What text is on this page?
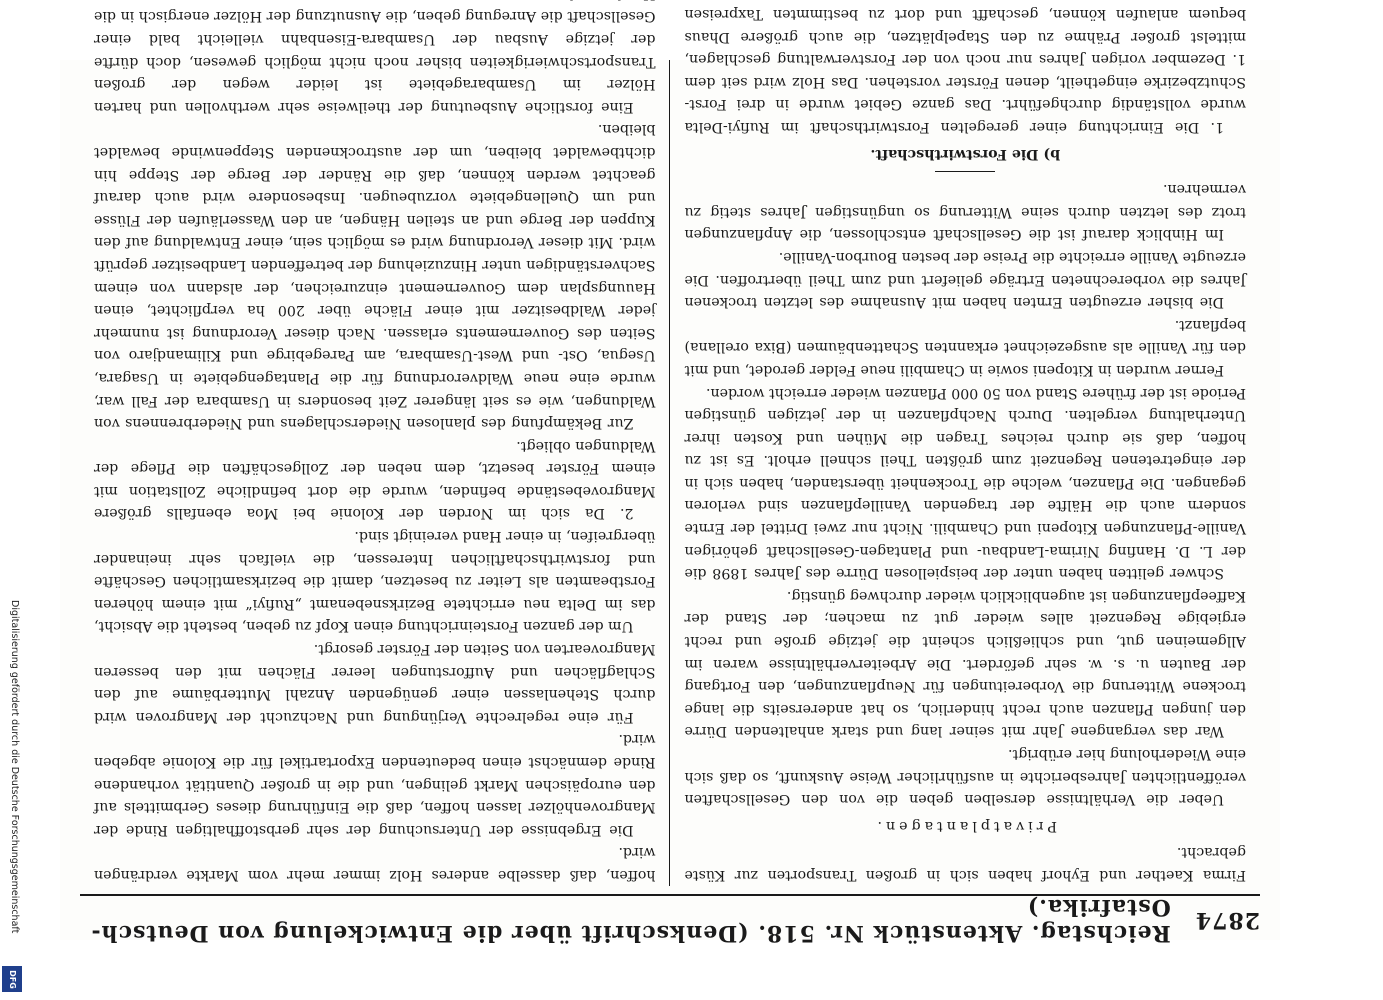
2874
Reichstag. Aktenstück Nr. 518. (Denkschrift über die Entwickelung von Deutsch-Ostafrika.)

Firma Kaether und Eyhorf haben sich in großen Transporten zur Küste gebracht.

Privatplantagen.

Ueber die Verhältnisse derselben geben die von den Gesellschaften veröffentlichten Jahresberichte in ausführlicher Weise Auskunft, so daß sich eine Wiederholung hier erübrigt.

War das vergangene Jahr mit seiner lang und stark anhaltenden Dürre den jungen Pflanzen auch recht hinderlich, so hat andererseits die lange trockene Witterung die Vorbereitungen für Neupflanzungen, den Fortgang der Bauten u. s. w. sehr gefördert. Die Arbeiterverhältnisse waren im Allgemeinen gut, und schließlich scheint die jetzige große und recht ergiebige Regenzeit alles wieder gut zu machen; der Stand der Kaffeepflanzungen ist augenblicklich wieder durchweg günstig.

Schwer gelitten haben unter der beispiellosen Dürre des Jahres 1898 die der L. D. Hanfing Nirima-Landbau- und Plantagen-Gesellschaft gehörigen Vanille-Pflanzungen Kitopeni und Chambili. Nicht nur zwei Drittel der Ernte sondern auch die Hälfte der tragenden Vanillepflanzen sind verloren gegangen. Die Pflanzen, welche die Trockenheit überstanden, haben sich in der eingetretenen Regenzeit zum größten Theil schnell erholt. Es ist zu hoffen, daß sie durch reiches Tragen die Mühen und Kosten ihrer Unterhaltung vergelten. Durch Nachpflanzen in der jetzigen günstigen Periode ist der frühere Stand von 50 000 Pflanzen wieder erreicht worden.

Ferner wurden in Kitopeni sowie in Chambili neue Felder gerodet, und mit den für Vanille als ausgezeichnet erkannten Schattenbäumen (Bixa orellana) bepflanzt.

Die bisher erzeugten Ernten haben mit Ausnahme des letzten trockenen Jahres die vorberechneten Erträge geliefert und zum Theil übertroffen. Die erzeugte Vanille erreichte die Preise der besten Bourbon-Vanille.

Im Hinblick darauf ist die Gesellschaft entschlossen, die Anpflanzungen trotz des letzten durch seine Witterung so ungünstigen Jahres stetig zu vermehren.

b) Die Forstwirthschaft.

1. Die Einrichtung einer geregelten Forstwirthschaft im Rufiyi-Delta wurde vollständig durchgeführt. Das ganze Gebiet wurde in drei Forst-Schutzbezirke eingetheilt, denen Förster vorstehen. Das Holz wird seit dem 1. Dezember vorigen Jahres nur noch von der Forstverwaltung geschlagen, mittelst großer Prähme zu den Stapelplätzen, die auch größere Dhaus bequem anlaufen können, geschafft und dort zu bestimmten Taxpreisen

hoffen, daß dasselbe anderes Holz immer mehr vom Markte verdrängen wird.

Die Ergebnisse der Untersuchung der sehr gerbstoffhaltigen Rinde der Mangrovenhölzer lassen hoffen, daß die Einführung dieses Gerbmittels auf den europäischen Markt gelingen, und die in großer Quantität vorhandene Rinde demnächst einen bedeutenden Exportartikel für die Kolonie abgeben wird.

Für eine regelrechte Verjüngung und Nachzucht der Mangroven wird durch Stehenlassen einer genügenden Anzahl Mutterbäume auf den Schlagflächen und Aufforstungen leerer Flächen mit den besseren Mangrovearten von Seiten der Förster gesorgt.

Um der ganzen Forsteinrichtung einen Kopf zu geben, besteht die Absicht, das im Delta neu errichtete Bezirksnebenamt „Rufiyi“ mit einem höheren Forstbeamten als Leiter zu besetzen, damit die bezirksamtlichen Geschäfte und forstwirthschaftlichen Interessen, die vielfach sehr ineinander übergreifen, in einer Hand vereinigt sind.

2. Da sich im Norden der Kolonie bei Moa ebenfalls größere Mangrovebestände befinden, wurde die dort befindliche Zollstation mit einem Förster besetzt, dem neben der Zollgeschäften die Pflege der Waldungen obliegt.

Zur Bekämpfung des planlosen Niederschlagens und Niederbrennens von Waldungen, wie es seit längerer Zeit besonders in Usambara der Fall war, wurde eine neue Waldverordnung für die Plantagengebiete in Usagara, Usegua, Ost- und West-Usambara, am Paregebirge und Kilimandjaro von Seiten des Gouvernements erlassen. Nach dieser Verordnung ist nunmehr jeder Waldbesitzer mit einer Fläche über 200 ha verpflichtet, einen Hauungsplan dem Gouvernement einzureichen, der alsdann von einem Sachverständigen unter Hinzuziehung der betreffenden Landbesitzer geprüft wird. Mit dieser Verordnung wird es möglich sein, einer Entwaldung auf den Kuppen der Berge und an steilen Hängen, an den Wasserläufen der Flüsse und um Quellengebiete vorzubeugen. Insbesondere wird auch darauf geachtet werden können, daß die Ränder der Berge der Steppe hin dichtbewaldet bleiben, um der austrocknenden Steppenwinde bewaldet bleiben.

Eine forstliche Ausbeutung der theilweise sehr werthvollen und harten Hölzer im Usambaragebiete ist leider wegen der großen Transportschwierigkeiten bisher noch nicht möglich gewesen, doch dürfte der jetzige Ausbau der Usambara-Eisenbahn vielleicht bald einer Gesellschaft die Anregung geben, die Ausnutzung der Hölzer energisch in die

Digitalisierung gefördert durch die Deutsche Forschungsgemeinschaft
DFG
